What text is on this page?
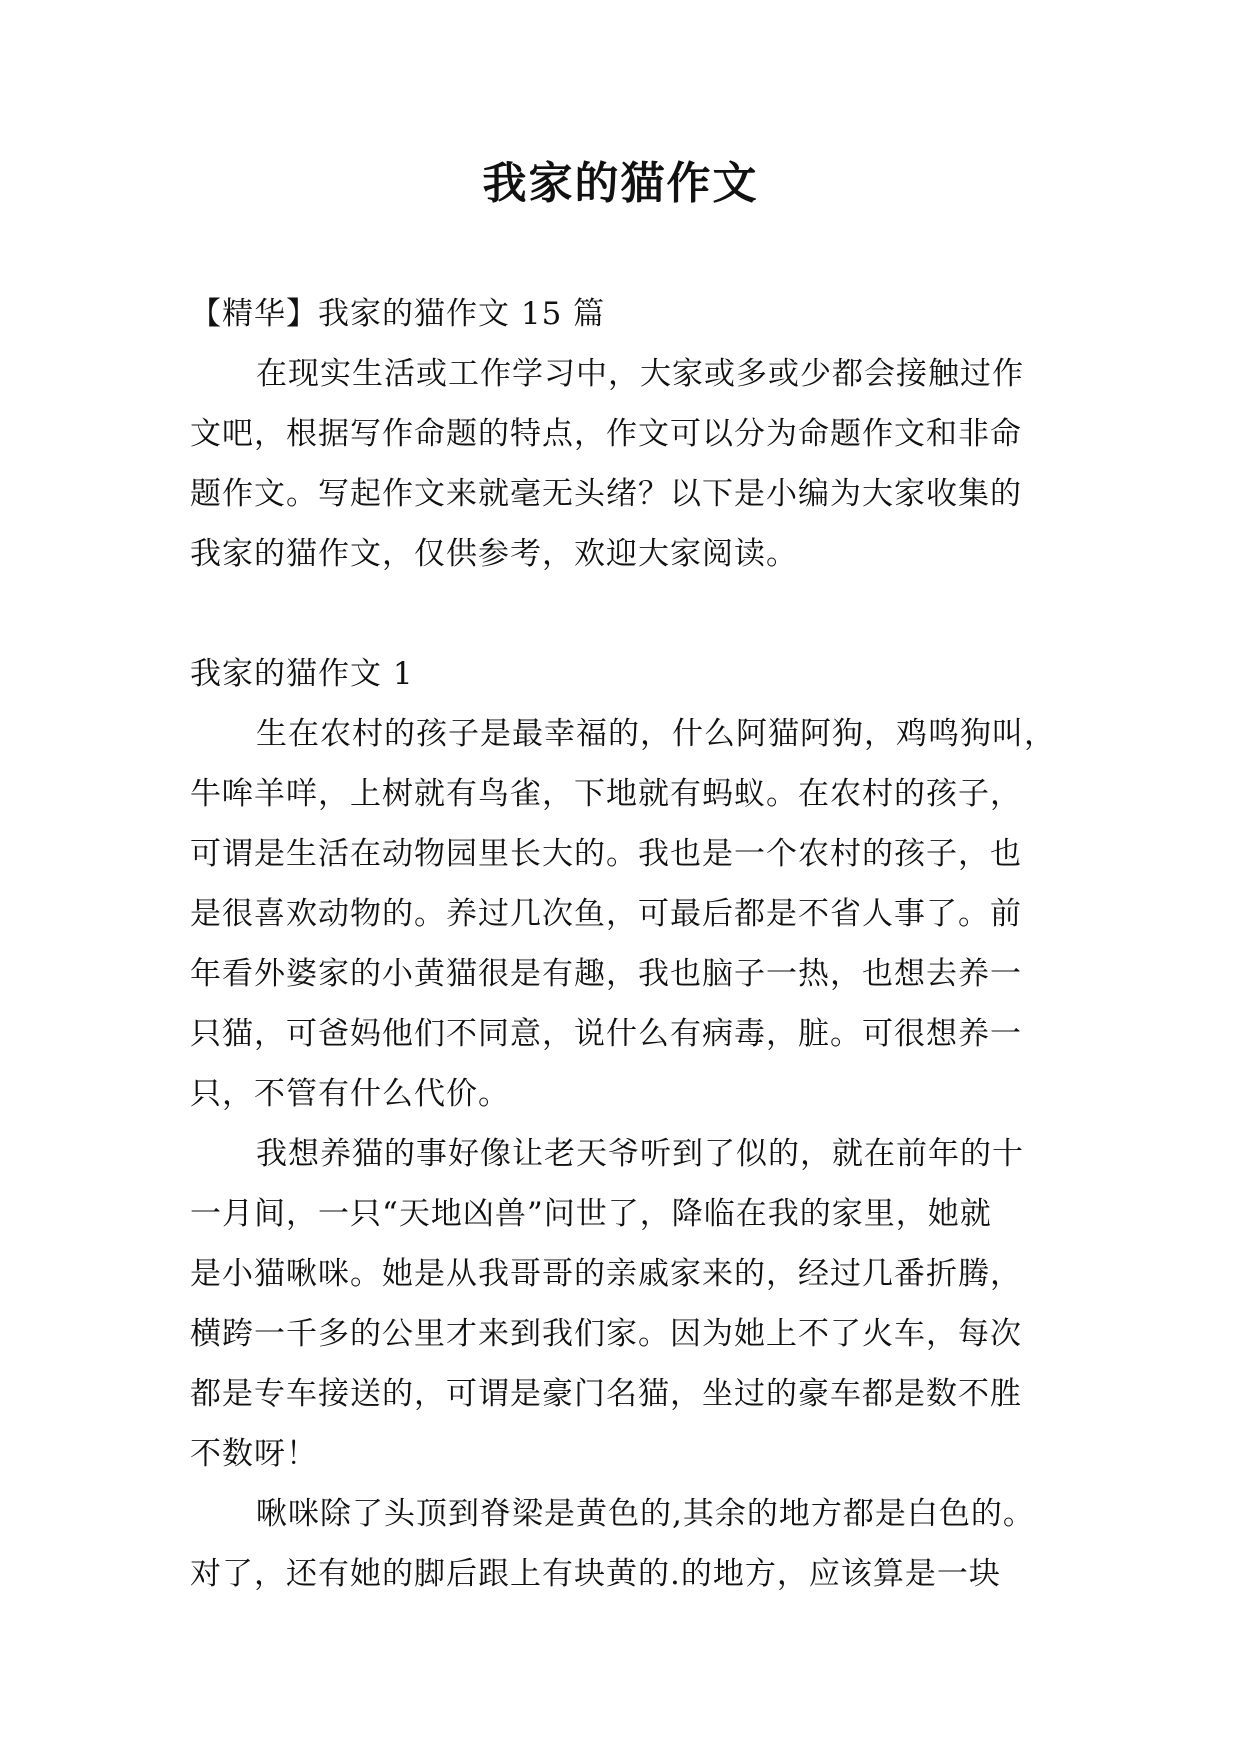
我家的猫作文
【精华】我家的猫作文 15 篇
在现实生活或工作学习中，大家或多或少都会接触过作
文吧，根据写作命题的特点，作文可以分为命题作文和非命
题作文。写起作文来就毫无头绪？以下是小编为大家收集的
我家的猫作文，仅供参考，欢迎大家阅读。
我家的猫作文 1
生在农村的孩子是最幸福的，什么阿猫阿狗，鸡鸣狗叫，
牛哞羊咩，上树就有鸟雀，下地就有蚂蚁。在农村的孩子，
可谓是生活在动物园里长大的。我也是一个农村的孩子，也
是很喜欢动物的。养过几次鱼，可最后都是不省人事了。前
年看外婆家的小黄猫很是有趣，我也脑子一热，也想去养一
只猫，可爸妈他们不同意，说什么有病毒，脏。可很想养一
只，不管有什么代价。
我想养猫的事好像让老天爷听到了似的，就在前年的十
一月间，一只“天地凶兽”问世了，降临在我的家里，她就
是小猫啾咪。她是从我哥哥的亲戚家来的，经过几番折腾，
横跨一千多的公里才来到我们家。因为她上不了火车，每次
都是专车接送的，可谓是豪门名猫，坐过的豪车都是数不胜
不数呀！
啾咪除了头顶到脊梁是黄色的,其余的地方都是白色的。
对了，还有她的脚后跟上有块黄的.的地方，应该算是一块
